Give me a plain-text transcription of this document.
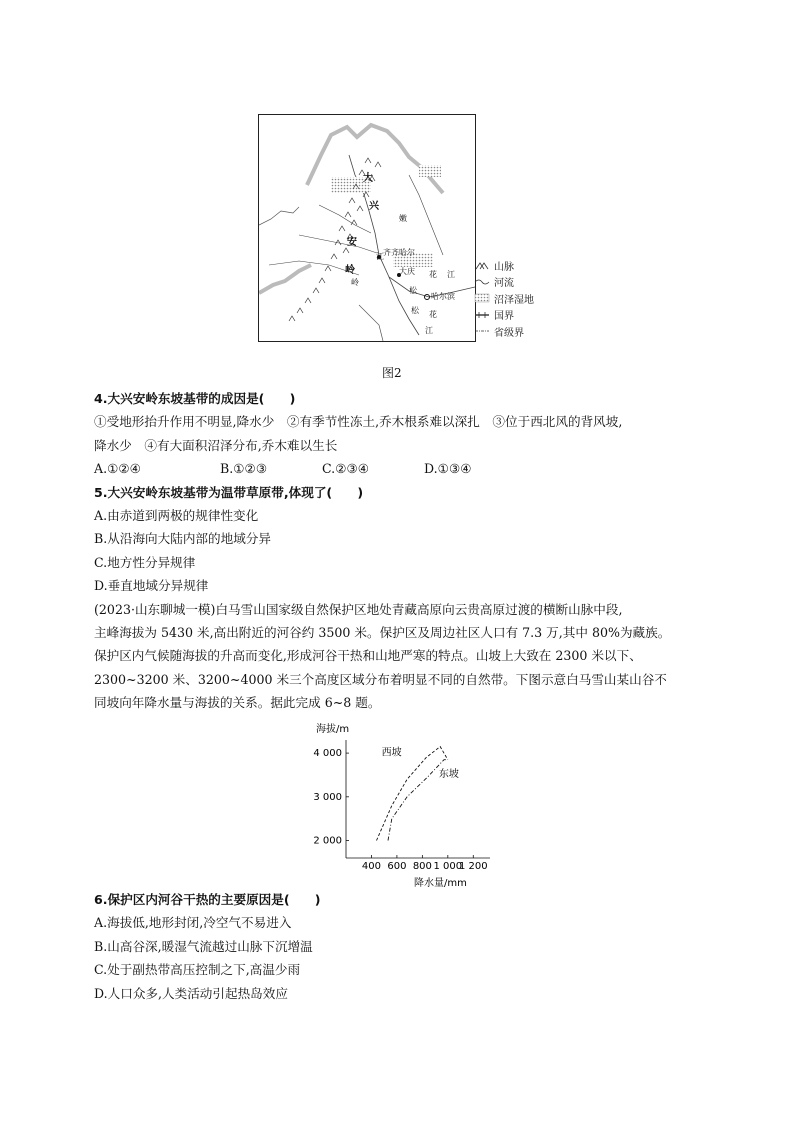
大
兴
安
岭
岭
嫩
江 齐齐哈尔
大庆 花 江
松
哈尔滨
松 花
江
山脉
河流
沼泽湿地
国界
省级界
图2
4.大兴安岭东坡基带的成因是(　　)
①受地形抬升作用不明显,降水少　②有季节性冻土,乔木根系难以深扎　③位于西北风的背风坡,
降水少　④有大面积沼泽分布,乔木难以生长
A.①②④	B.①②③	C.②③④	D.①③④
5.大兴安岭东坡基带为温带草原带,体现了(　　)
A.由赤道到两极的规律性变化
B.从沿海向大陆内部的地域分异
C.地方性分异规律
D.垂直地域分异规律
(2023·山东聊城一模)白马雪山国家级自然保护区地处青藏高原向云贵高原过渡的横断山脉中段,
主峰海拔为 5430 米,高出附近的河谷约 3500 米。保护区及周边社区人口有 7.3 万,其中 80%为藏族。
保护区内气候随海拔的升高而变化,形成河谷干热和山地严寒的特点。山坡上大致在 2300 米以下、
2300~3200 米、3200~4000 米三个高度区域分布着明显不同的自然带。下图示意白马雪山某山谷不
同坡向年降水量与海拔的关系。据此完成 6~8 题。
海拔/m
降水量/mm
2 000
3 000
4 000
400 600 800 1 000
1 200
西坡
东坡
6.保护区内河谷干热的主要原因是(　　)
A.海拔低,地形封闭,冷空气不易进入
B.山高谷深,暖湿气流越过山脉下沉增温
C.处于副热带高压控制之下,高温少雨
D.人口众多,人类活动引起热岛效应
